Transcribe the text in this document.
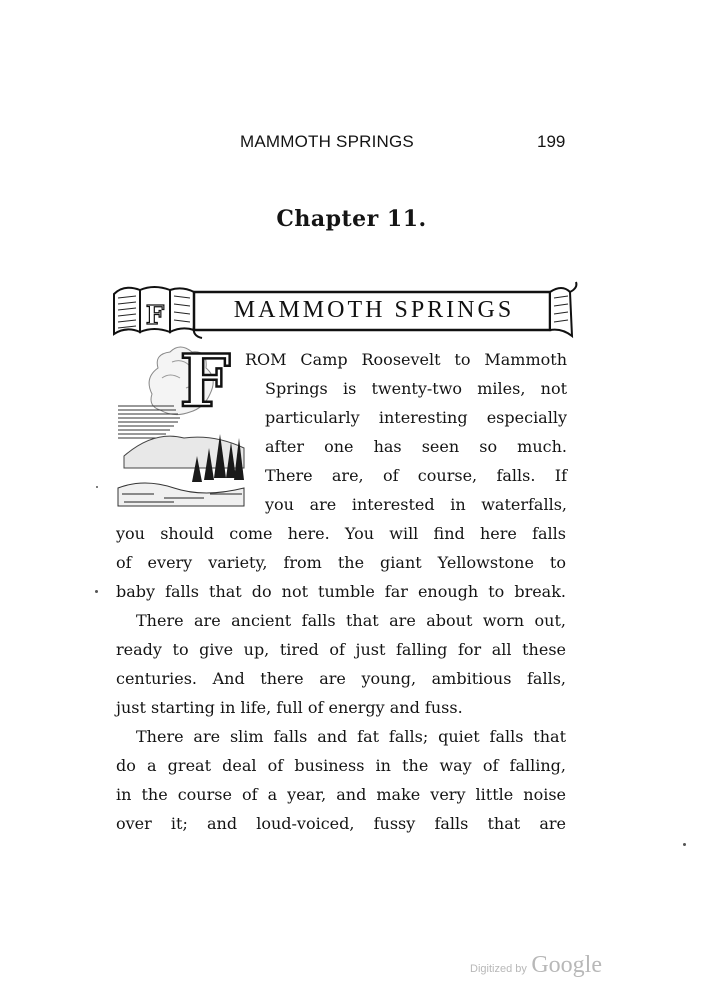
MAMMOTH SPRINGS	199
Chapter 11.
F	MAMMOTH SPRINGS
F ROM Camp Roosevelt to Mammoth
Springs is twenty-two miles, not
particularly interesting especially
after one has seen so much.
There are, of course, falls. If
you are interested in waterfalls,
you should come here. You will find here falls
of every variety, from the giant Yellowstone to
baby falls that do not tumble far enough to break.
There are ancient falls that are about worn out,
ready to give up, tired of just falling for all these
centuries. And there are young, ambitious falls,
just starting in life, full of energy and fuss.
There are slim falls and fat falls; quiet falls that
do a great deal of business in the way of falling,
in the course of a year, and make very little noise
over it; and loud-voiced, fussy falls that are
Digitized by Google
